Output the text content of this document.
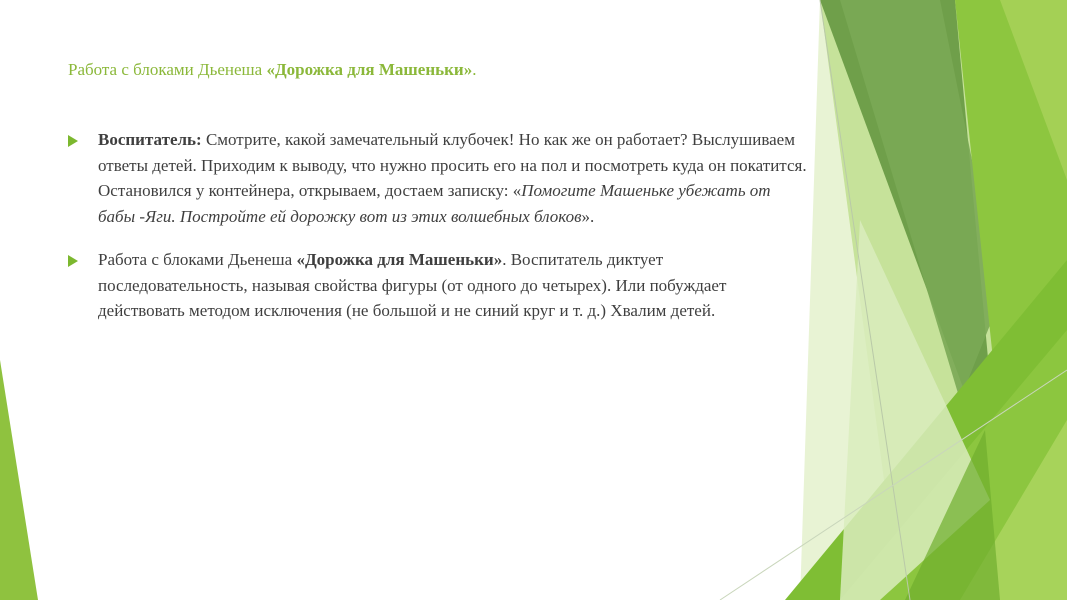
Работа с блоками Дьенеша «Дорожка для Машеньки».
Воспитатель: Смотрите, какой замечательный клубочек! Но как же он работает? Выслушиваем ответы детей. Приходим к выводу, что нужно просить его на пол и посмотреть куда он покатится. Остановился у контейнера, открываем, достаем записку: «Помогите Машеньке убежать от бабы -Яги. Постройте ей дорожку вот из этих волшебных блоков».
Работа с блоками Дьенеша «Дорожка для Машеньки». Воспитатель диктует последовательность, называя свойства фигуры (от одного до четырех). Или побуждает действовать методом исключения (не большой и не синий круг и т. д.) Хвалим детей.
